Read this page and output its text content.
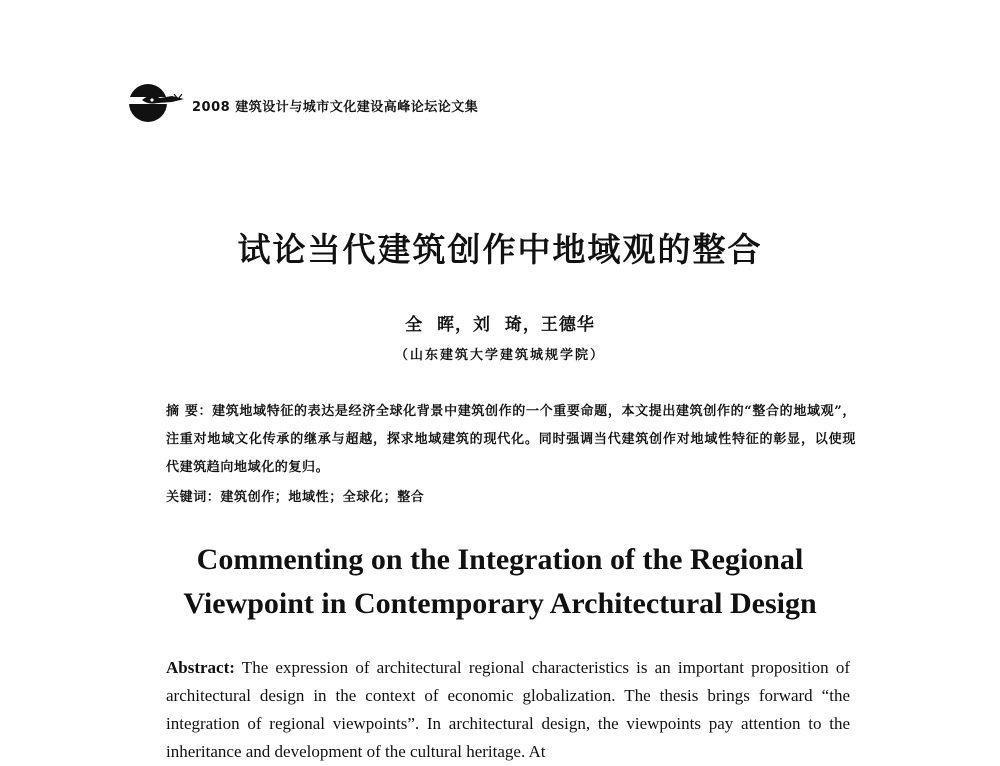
2008 建筑设计与城市文化建设高峰论坛论文集
试论当代建筑创作中地域观的整合
全  晖，刘  琦，王德华
（山东建筑大学建筑城规学院）
摘 要：建筑地域特征的表达是经济全球化背景中建筑创作的一个重要命题，本文提出建筑创作的“整合的地域观”，注重对地域文化传承的继承与超越，探求地域建筑的现代化。同时强调当代建筑创作对地域性特征的彰显，以使现代建筑趋向地域化的复归。
关键词：建筑创作；地域性；全球化；整合
Commenting on the Integration of the Regional
Viewpoint in Contemporary Architectural Design
Abstract: The expression of architectural regional characteristics is an important proposition of architectural design in the context of economic globalization. The thesis brings forward “the integration of regional viewpoints”. In architectural design, the viewpoints pay attention to the inheritance and development of the cultural heritage. At
